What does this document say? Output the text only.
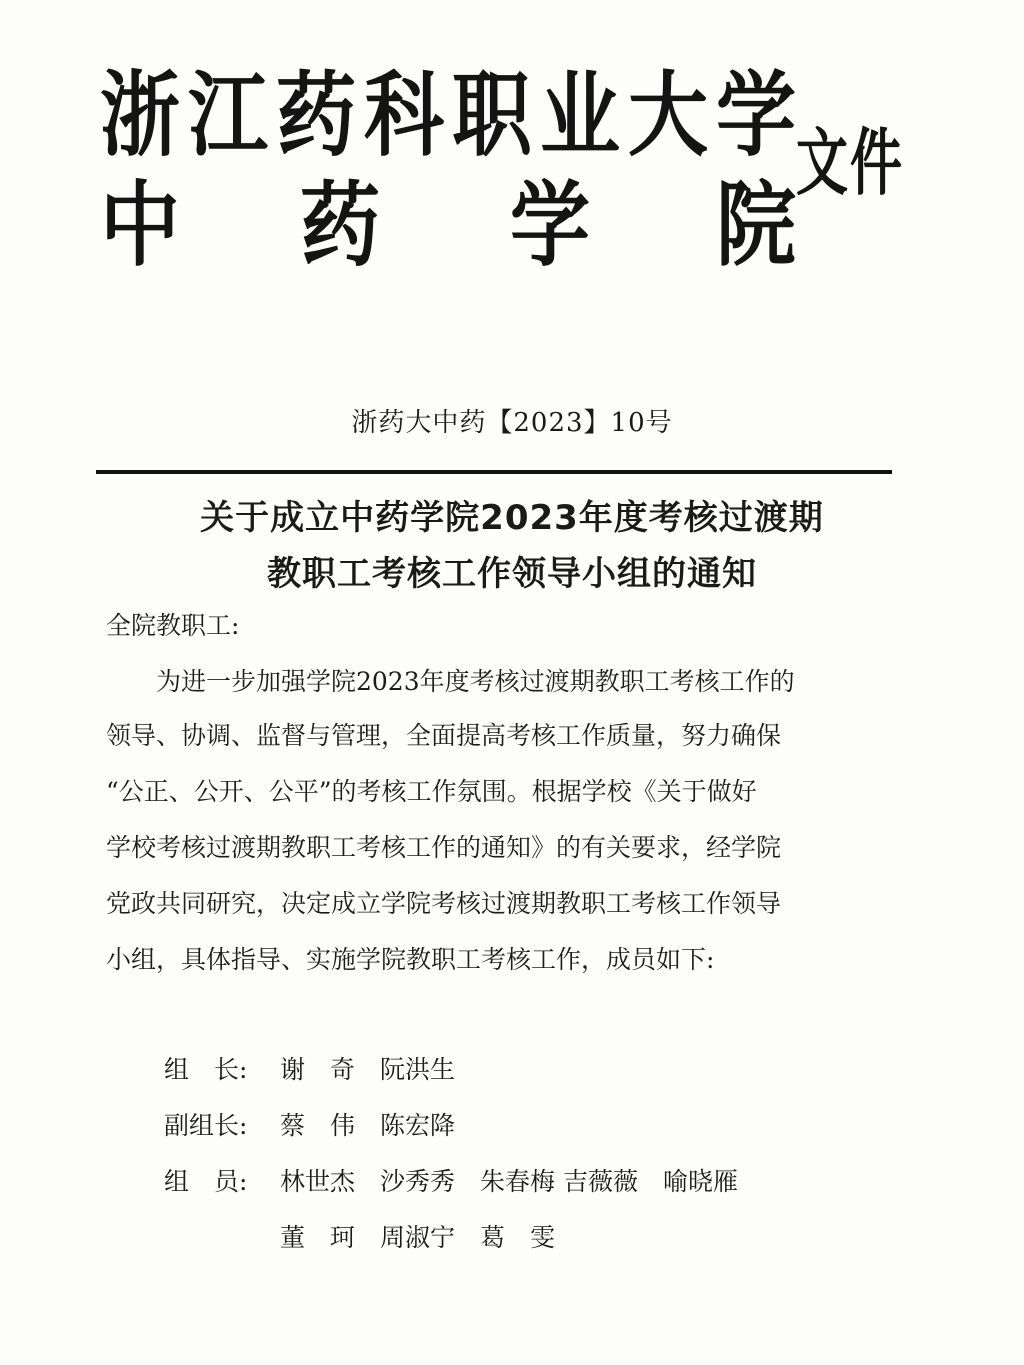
浙 江 药 科 职 业 大 学
中 药 学 院
文件
浙药大中药【2023】10号
关于成立中药学院2023年度考核过渡期
教职工考核工作领导小组的通知
全院教职工:
　　为进一步加强学院2023年度考核过渡期教职工考核工作的
领导、协调、监督与管理，全面提高考核工作质量，努力确保
“公正、公开、公平”的考核工作氛围。根据学校《关于做好
学校考核过渡期教职工考核工作的通知》的有关要求，经学院
党政共同研究，决定成立学院考核过渡期教职工考核工作领导
小组，具体指导、实施学院教职工考核工作，成员如下:
组　长: 谢　奇　阮洪生
副组长: 蔡　伟　陈宏降
组　员: 林世杰　沙秀秀　朱春梅 吉薇薇　喻晓雁
董　珂　周淑宁　葛　雯
